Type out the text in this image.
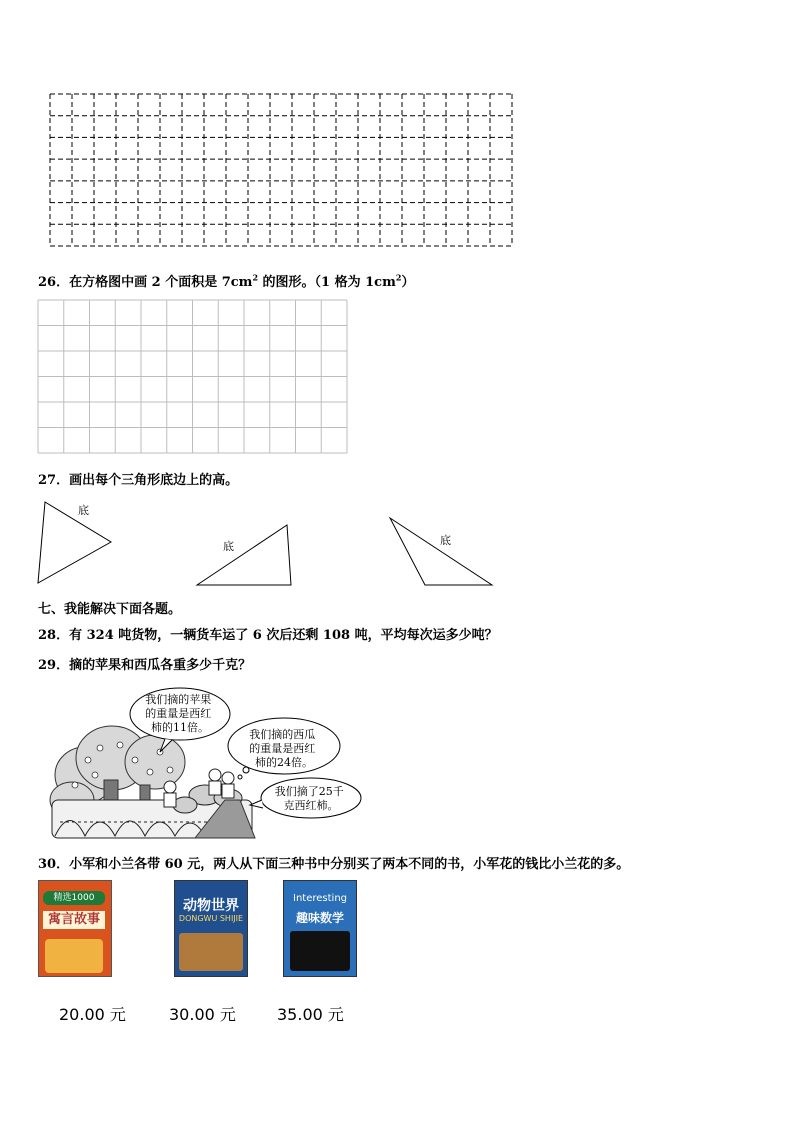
26．在方格图中画 2 个面积是 $7cm^2$ 的图形。（1 格为 $1cm^2$）
27．画出每个三角形底边上的高。
底
底	底
七、我能解决下面各题。
28．有 324 吨货物，一辆货车运了 6 次后还剩 108 吨，平均每次运多少吨？
29．摘的苹果和西瓜各重多少千克？
我们摘的苹果 的重量是西红 柿的11倍。
我们摘的西瓜 的重量是西红 柿的24倍。
我们摘了25千 克西红柿。
30．小军和小兰各带 60 元，两人从下面三种书中分别买了两本不同的书，小军花的钱比小兰花的多。
精选1000
寓言故事
动物世界
DONGWU SHIJIE
Interesting
趣味数学
20.00 元	30.00 元	35.00 元
